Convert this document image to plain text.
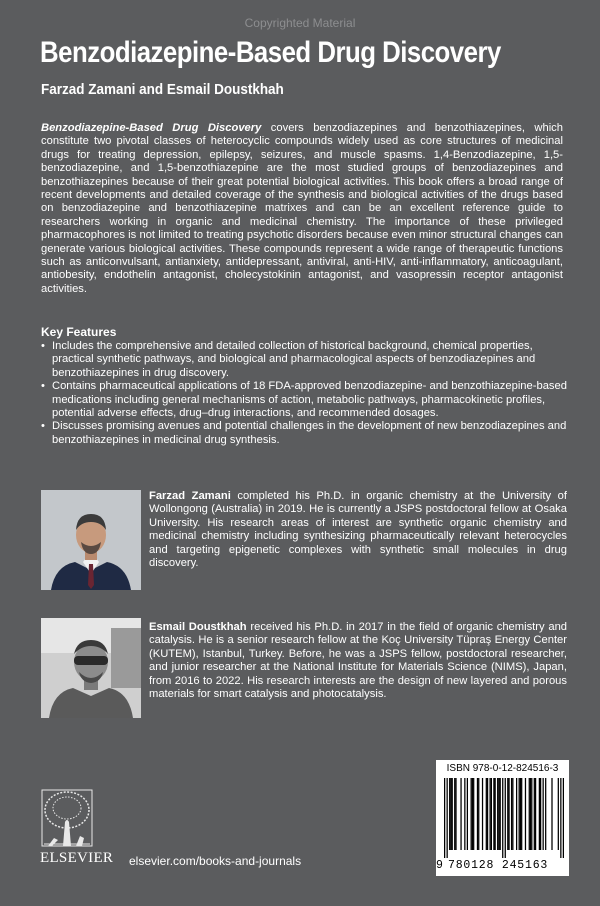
Copyrighted Material
Benzodiazepine-Based Drug Discovery
Farzad Zamani and Esmail Doustkhah

Benzodiazepine-Based Drug Discovery covers benzodiazepines and benzothiazepines, which constitute two pivotal classes of heterocyclic compounds widely used as core structures of medicinal drugs for treating depression, epilepsy, seizures, and muscle spasms. 1,4-Benzodiazepine, 1,5-benzodiazepine, and 1,5-benzothiazepine are the most studied groups of benzodiazepines and benzothiazepines because of their great potential biological activities. This book offers a broad range of recent developments and detailed coverage of the synthesis and biological activities of the drugs based on benzodiazepine and benzothiazepine matrixes and can be an excellent reference guide to researchers working in organic and medicinal chemistry. The importance of these privileged pharmacophores is not limited to treating psychotic disorders because even minor structural changes can generate various biological activities. These compounds represent a wide range of therapeutic functions such as anticonvulsant, antianxiety, antidepressant, antiviral, anti-HIV, anti-inflammatory, anticoagulant, antiobesity, endothelin antagonist, cholecystokinin antagonist, and vasopressin receptor antagonist activities.

Key Features
• Includes the comprehensive and detailed collection of historical background, chemical properties, practical synthetic pathways, and biological and pharmacological aspects of benzodiazepines and benzothiazepines in drug discovery.
• Contains pharmaceutical applications of 18 FDA-approved benzodiazepine- and benzothiazepine-based medications including general mechanisms of action, metabolic pathways, pharmacokinetic profiles, potential adverse effects, drug–drug interactions, and recommended dosages.
• Discusses promising avenues and potential challenges in the development of new benzodiazepines and benzothiazepines in medicinal drug synthesis.

Farzad Zamani completed his Ph.D. in organic chemistry at the University of Wollongong (Australia) in 2019. He is currently a JSPS postdoctoral fellow at Osaka University. His research areas of interest are synthetic organic chemistry and medicinal chemistry including synthesizing pharmaceutically relevant heterocycles and targeting epigenetic complexes with synthetic small molecules in drug discovery.

Esmail Doustkhah received his Ph.D. in 2017 in the field of organic chemistry and catalysis. He is a senior research fellow at the Koç University Tüpraş Energy Center (KUTEM), Istanbul, Turkey. Before, he was a JSPS fellow, postdoctoral researcher, and junior researcher at the National Institute for Materials Science (NIMS), Japan, from 2016 to 2022. His research interests are the design of new layered and porous materials for smart catalysis and photocatalysis.

ELSEVIER elsevier.com/books-and-journals
ISBN 978-0-12-824516-3
9 780128 245163
